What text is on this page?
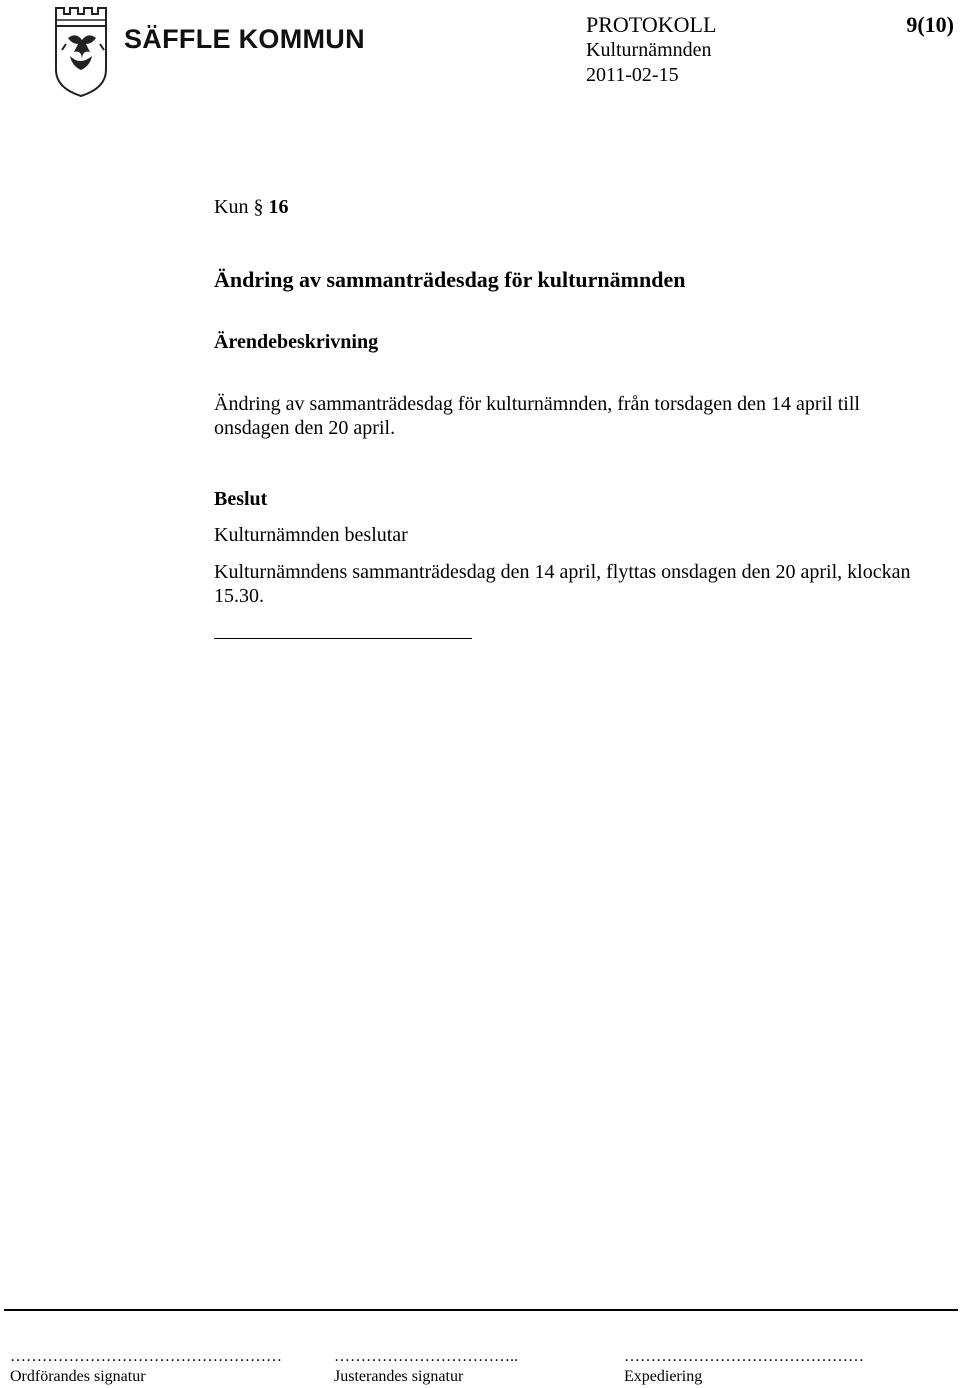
SÄFFLE KOMMUN	PROTOKOLL	9(10)
Kulturnämnden
2011-02-15
Kun § 16
Ändring av sammanträdesdag för kulturnämnden
Ärendebeskrivning
Ändring av sammanträdesdag för kulturnämnden, från torsdagen den 14 april till onsdagen den 20 april.
Beslut
Kulturnämnden beslutar
Kulturnämndens sammanträdesdag den 14 april, flyttas onsdagen den 20 april, klockan 15.30.
……………………………………………
Ordförandes signatur
……………………………..
Justerandes signatur
………………………………………
Expediering
